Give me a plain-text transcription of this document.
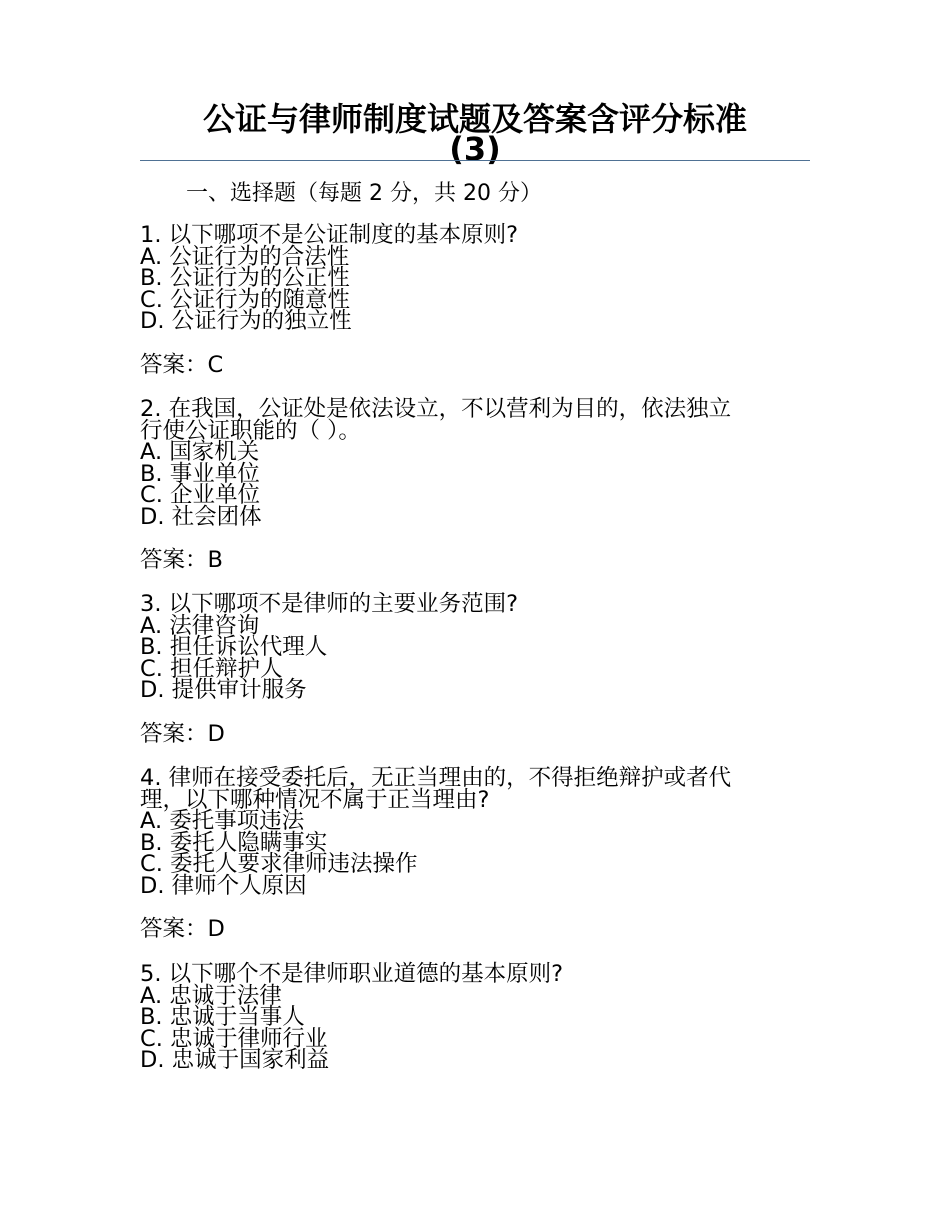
公证与律师制度试题及答案含评分标准
(3)
一、选择题（每题 2 分，共 20 分）
1. 以下哪项不是公证制度的基本原则?
A. 公证行为的合法性
B. 公证行为的公正性
C. 公证行为的随意性
D. 公证行为的独立性
答案：C
2. 在我国，公证处是依法设立，不以营利为目的，依法独立
行使公证职能的（ ）。
A. 国家机关
B. 事业单位
C. 企业单位
D. 社会团体
答案：B
3. 以下哪项不是律师的主要业务范围?
A. 法律咨询
B. 担任诉讼代理人
C. 担任辩护人
D. 提供审计服务
答案：D
4. 律师在接受委托后，无正当理由的，不得拒绝辩护或者代
理，以下哪种情况不属于正当理由?
A. 委托事项违法
B. 委托人隐瞒事实
C. 委托人要求律师违法操作
D. 律师个人原因
答案：D
5. 以下哪个不是律师职业道德的基本原则?
A. 忠诚于法律
B. 忠诚于当事人
C. 忠诚于律师行业
D. 忠诚于国家利益
